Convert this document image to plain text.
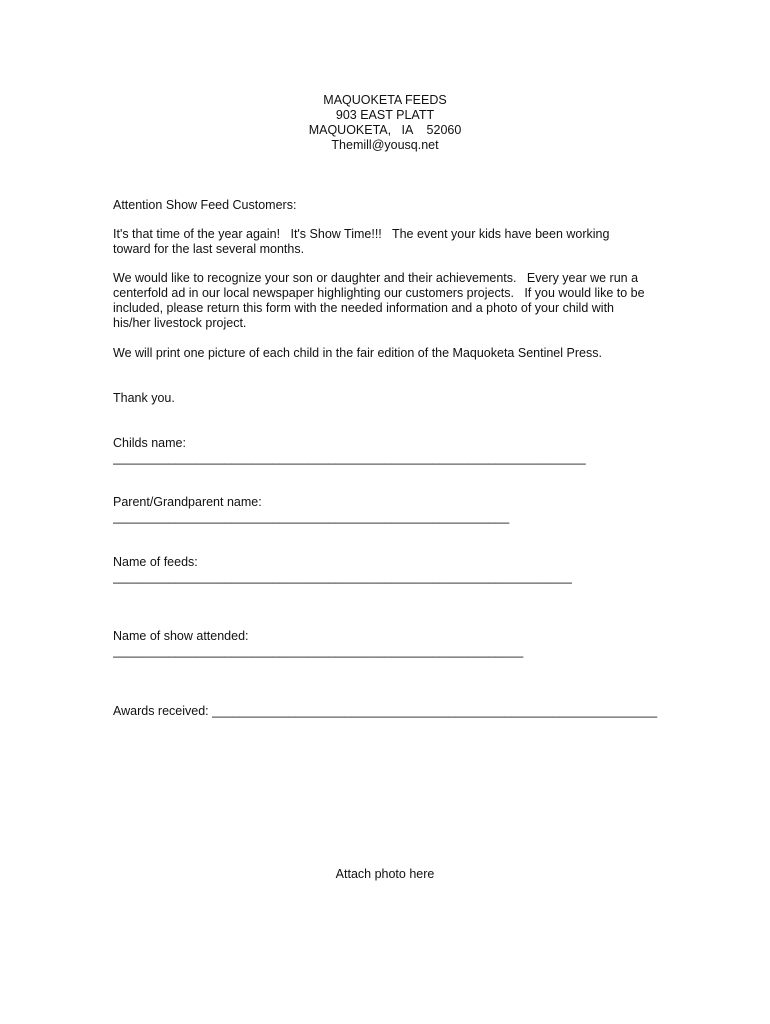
MAQUOKETA FEEDS
903 EAST PLATT
MAQUOKETA,   IA    52060
Themill@yousq.net
Attention Show Feed Customers:
It's that time of the year again!   It's Show Time!!!   The event your kids have been working
toward for the last several months.
We would like to recognize your son or daughter and their achievements.   Every year we run a
centerfold ad in our local newspaper highlighting our customers projects.   If you would like to be
included, please return this form with the needed information and a photo of your child with
his/her livestock project.
We will print one picture of each child in the fair edition of the Maquoketa Sentinel Press.
Thank you.
Childs name:
____________________________________________________________________
Parent/Grandparent name:
_________________________________________________________
Name of feeds:
__________________________________________________________________
Name of show attended:
___________________________________________________________
Awards received: ________________________________________________________________
Attach photo here
